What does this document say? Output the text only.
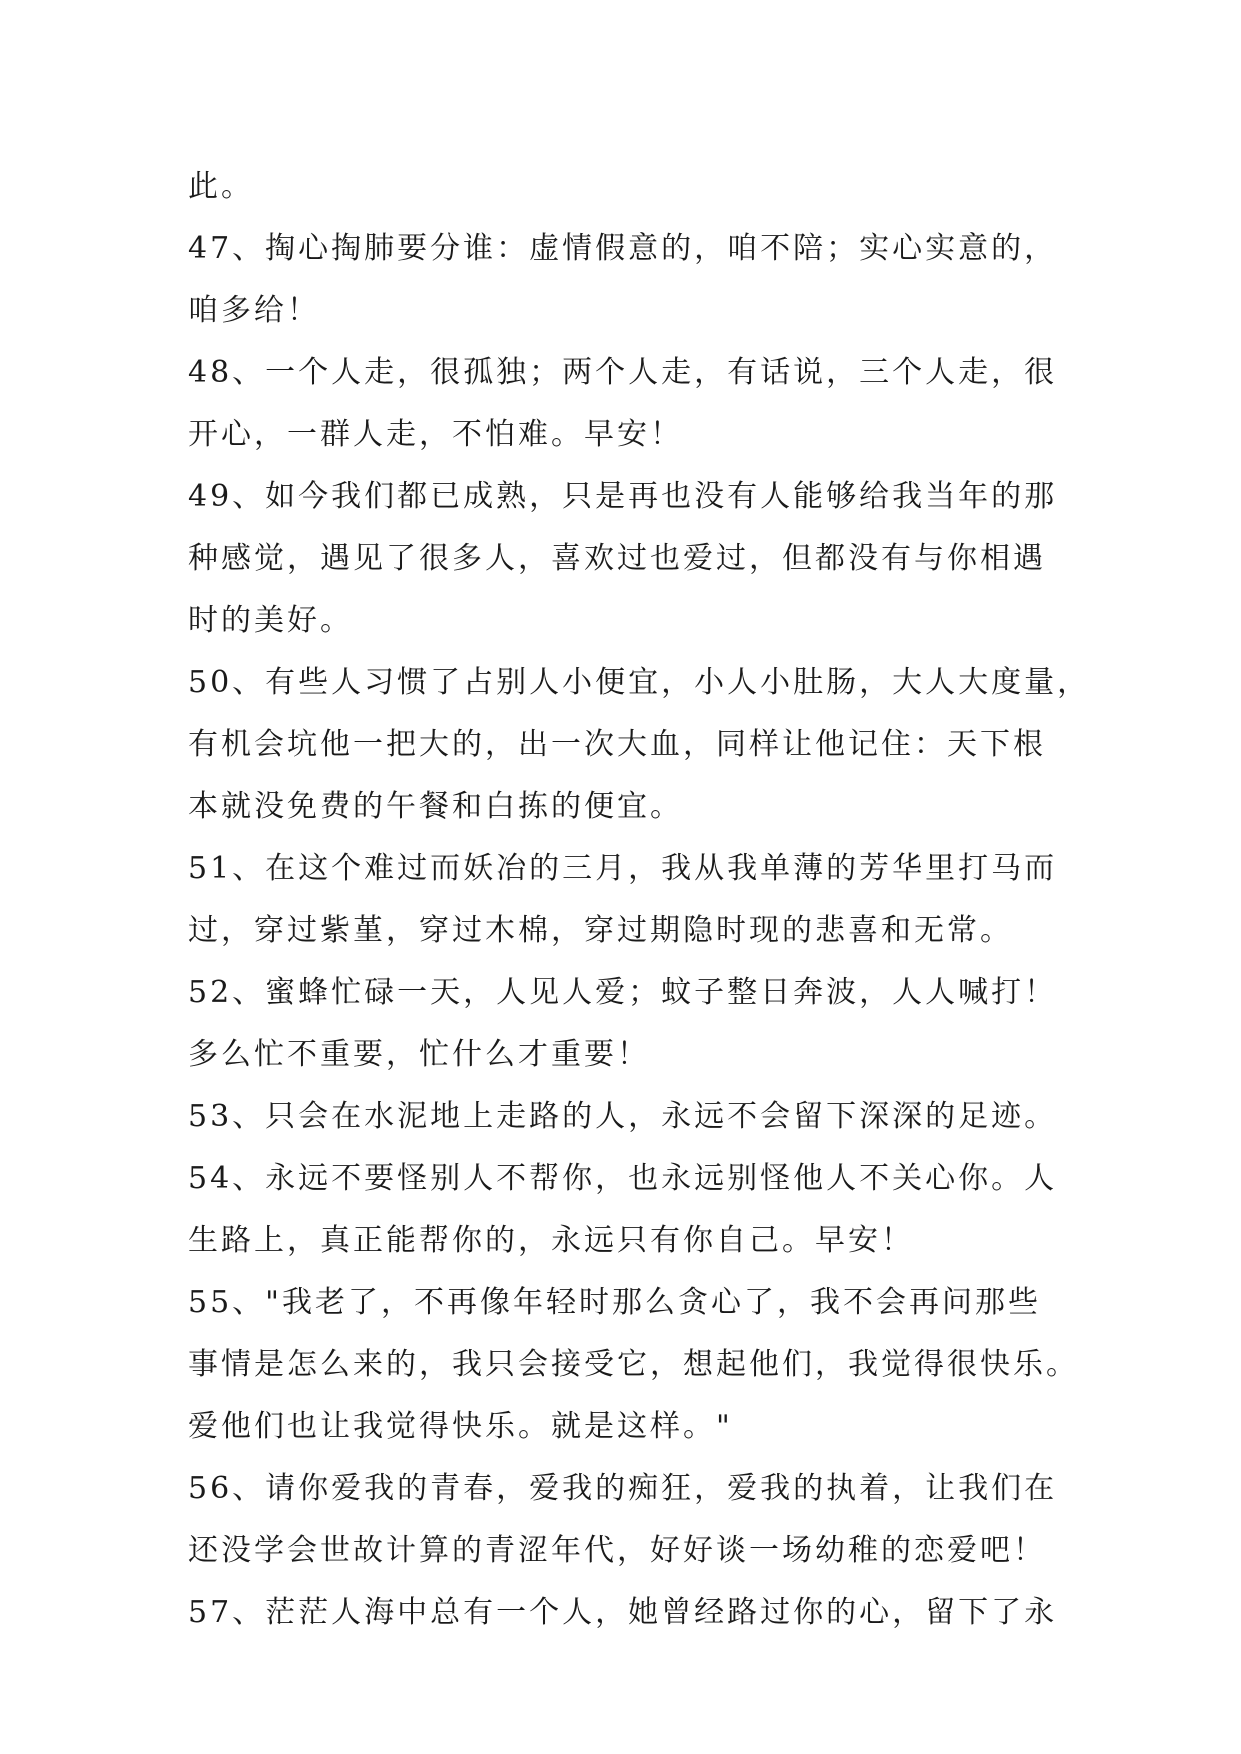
此。
47、掏心掏肺要分谁：虚情假意的，咱不陪；实心实意的，
咱多给！
48、一个人走，很孤独；两个人走，有话说，三个人走，很
开心，一群人走，不怕难。早安！
49、如今我们都已成熟，只是再也没有人能够给我当年的那
种感觉，遇见了很多人，喜欢过也爱过，但都没有与你相遇
时的美好。
50、有些人习惯了占别人小便宜，小人小肚肠，大人大度量，
有机会坑他一把大的，出一次大血，同样让他记住：天下根
本就没免费的午餐和白拣的便宜。
51、在这个难过而妖冶的三月，我从我单薄的芳华里打马而
过，穿过紫堇，穿过木棉，穿过期隐时现的悲喜和无常。
52、蜜蜂忙碌一天，人见人爱；蚊子整日奔波，人人喊打！
多么忙不重要，忙什么才重要！
53、只会在水泥地上走路的人，永远不会留下深深的足迹。
54、永远不要怪别人不帮你，也永远别怪他人不关心你。人
生路上，真正能帮你的，永远只有你自己。早安！
55、"我老了，不再像年轻时那么贪心了，我不会再问那些
事情是怎么来的，我只会接受它，想起他们，我觉得很快乐。
爱他们也让我觉得快乐。就是这样。"
56、请你爱我的青春，爱我的痴狂，爱我的执着，让我们在
还没学会世故计算的青涩年代，好好谈一场幼稚的恋爱吧！
57、茫茫人海中总有一个人，她曾经路过你的心，留下了永
